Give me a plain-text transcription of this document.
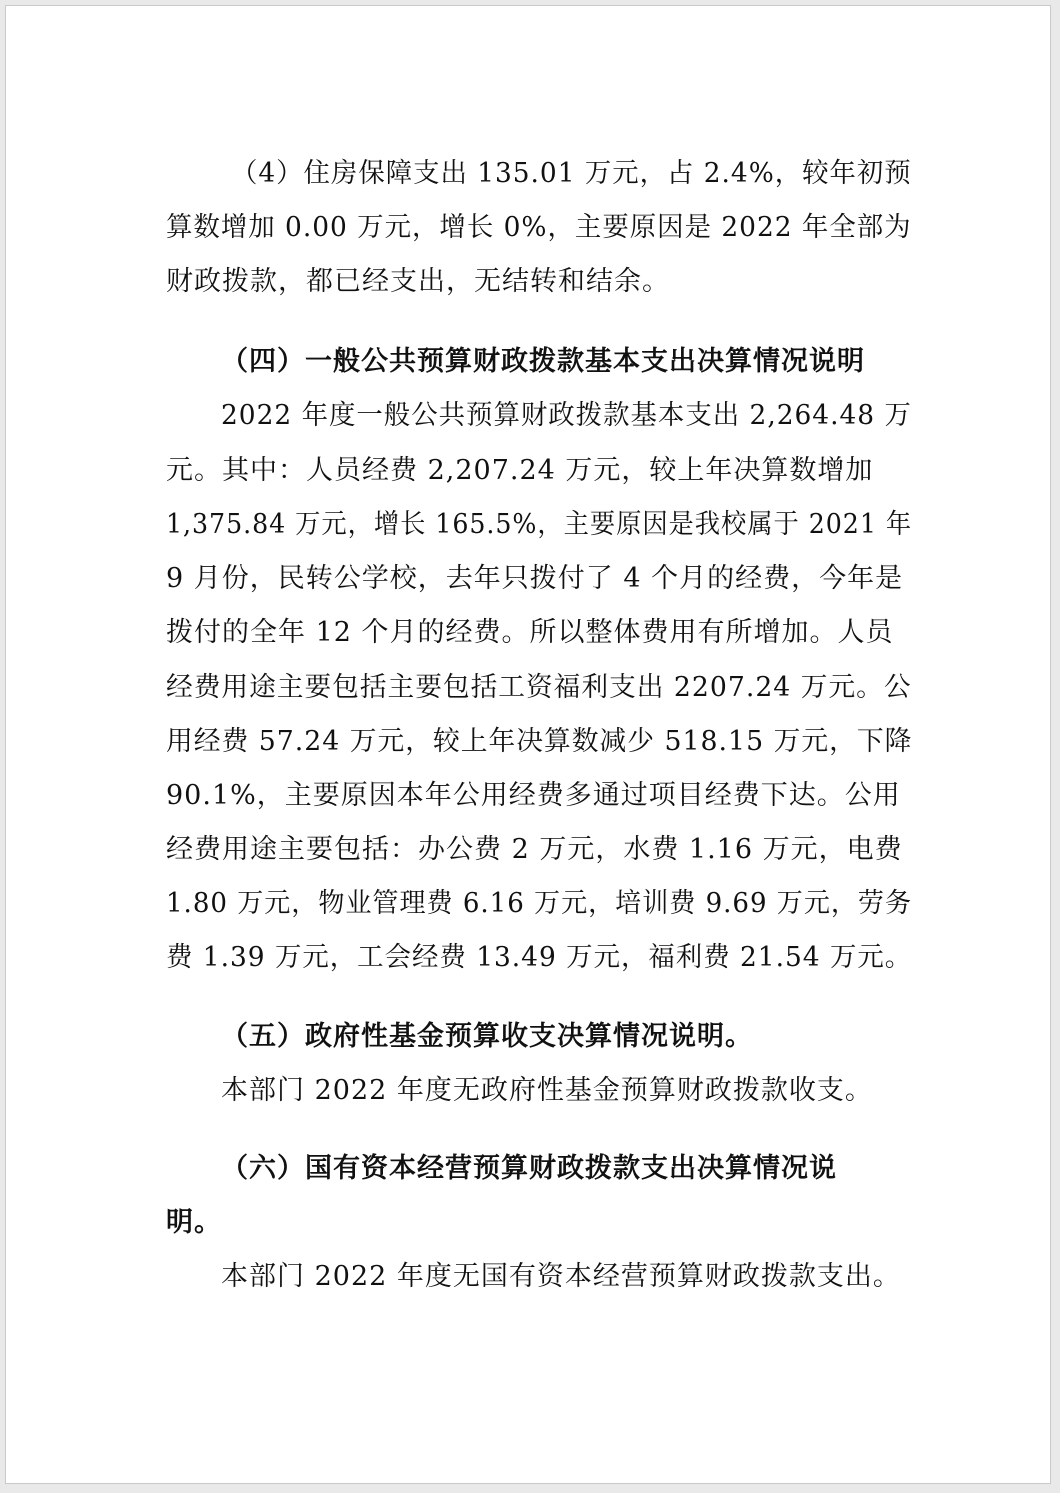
（4）住房保障支出 135.01 万元，占 2.4%，较年初预
算数增加 0.00 万元，增长 0%，主要原因是 2022 年全部为
财政拨款，都已经支出，无结转和结余。
（四）一般公共预算财政拨款基本支出决算情况说明
2022 年度一般公共预算财政拨款基本支出 2,264.48 万
元。其中：人员经费 2,207.24 万元，较上年决算数增加
1,375.84 万元，增长 165.5%，主要原因是我校属于 2021 年
9 月份，民转公学校，去年只拨付了 4 个月的经费，今年是
拨付的全年 12 个月的经费。所以整体费用有所增加。人员
经费用途主要包括主要包括工资福利支出 2207.24 万元。公
用经费 57.24 万元，较上年决算数减少 518.15 万元，下降
90.1%，主要原因本年公用经费多通过项目经费下达。公用
经费用途主要包括：办公费 2 万元，水费 1.16 万元，电费
1.80 万元，物业管理费 6.16 万元，培训费 9.69 万元，劳务
费 1.39 万元，工会经费 13.49 万元，福利费 21.54 万元。
（五）政府性基金预算收支决算情况说明。
本部门 2022 年度无政府性基金预算财政拨款收支。
（六）国有资本经营预算财政拨款支出决算情况说
明。
本部门 2022 年度无国有资本经营预算财政拨款支出。
